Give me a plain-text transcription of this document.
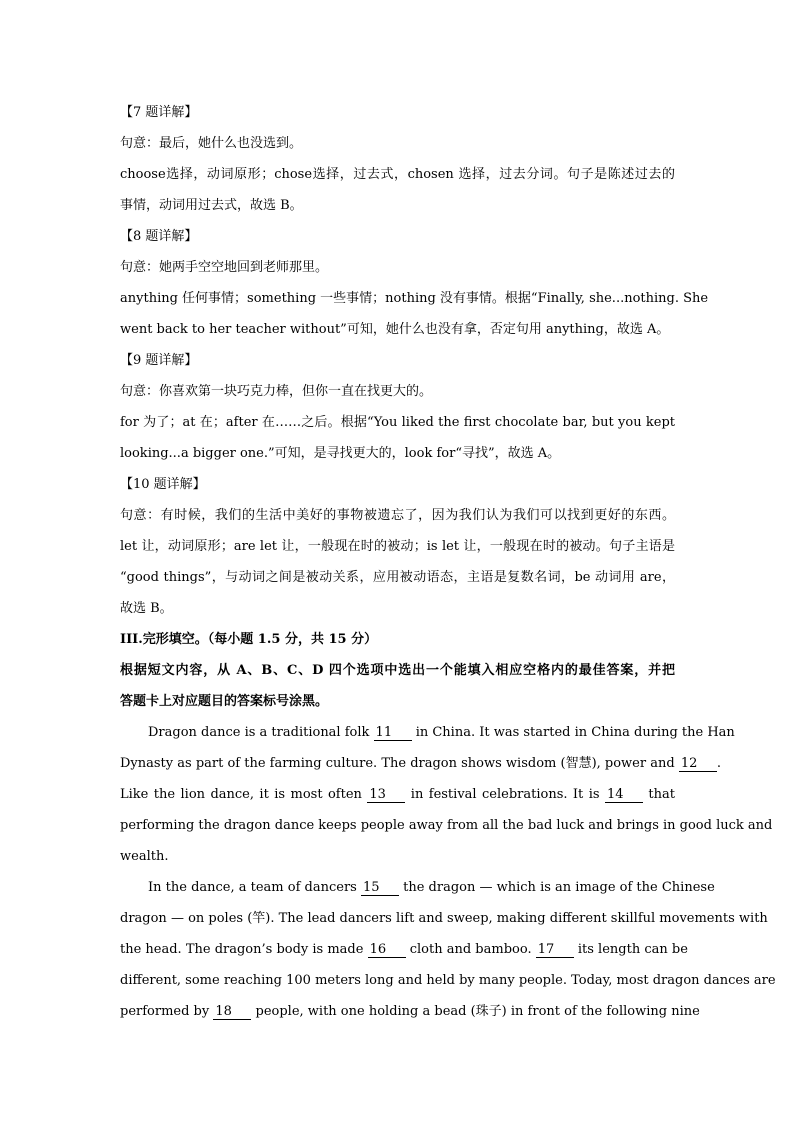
【7 题详解】
句意：最后，她什么也没选到。
choose选择，动词原形；chose选择，过去式，chosen 选择，过去分词。句子是陈述过去的
事情，动词用过去式，故选 B。
【8 题详解】
句意：她两手空空地回到老师那里。
anything 任何事情；something 一些事情；nothing 没有事情。根据“Finally, she...nothing. She
went back to her teacher without”可知，她什么也没有拿，否定句用 anything，故选 A。
【9 题详解】
句意：你喜欢第一块巧克力棒，但你一直在找更大的。
for 为了；at 在；after 在……之后。根据“You liked the first chocolate bar, but you kept
looking...a bigger one.”可知，是寻找更大的，look for“寻找”，故选 A。
【10 题详解】
句意：有时候，我们的生活中美好的事物被遗忘了，因为我们认为我们可以找到更好的东西。
let 让，动词原形；are let 让，一般现在时的被动；is let 让，一般现在时的被动。句子主语是
“good things”，与动词之间是被动关系，应用被动语态，主语是复数名词，be 动词用 are，
故选 B。
III.完形填空。（每小题 1.5 分，共 15 分）
根据短文内容，从 A、B、C、D 四个选项中选出一个能填入相应空格内的最佳答案，并把
答题卡上对应题目的答案标号涂黑。
Dragon dance is a traditional folk 11 in China. It was started in China during the Han
Dynasty as part of the farming culture. The dragon shows wisdom (智慧), power and 12 .
Like the lion dance, it is most often 13 in festival celebrations. It is 14 that
performing the dragon dance keeps people away from all the bad luck and brings in good luck and
wealth.
In the dance, a team of dancers 15 the dragon — which is an image of the Chinese
dragon — on poles (竿). The lead dancers lift and sweep, making different skillful movements with
the head. The dragon’s body is made 16 cloth and bamboo. 17 its length can be
different, some reaching 100 meters long and held by many people. Today, most dragon dances are
performed by 18 people, with one holding a bead (珠子) in front of the following nine
